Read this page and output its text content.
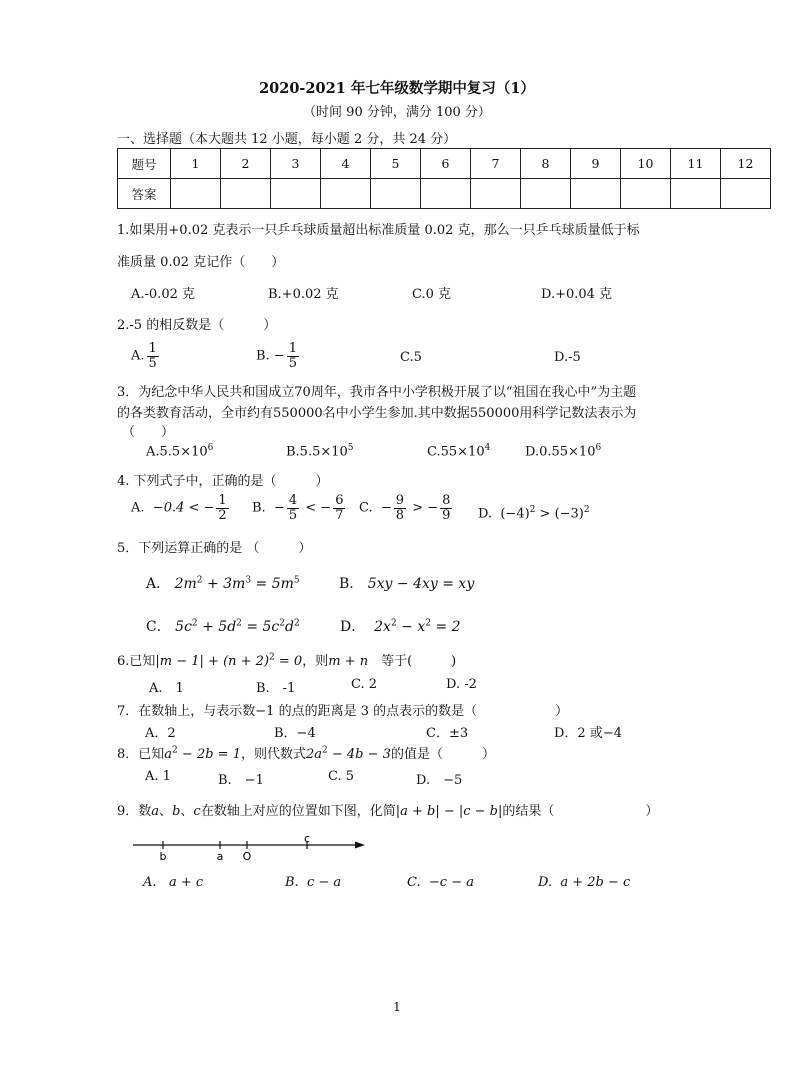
2020-2021 年七年级数学期中复习（1）
（时间 90 分钟，满分 100 分）
一、选择题（本大题共 12 小题，每小题 2 分，共 24 分）
题号	1	2	3	4	5	6	7	8	9	10	11	12
答案												
1.如果用+0.02 克表示一只乒乓球质量超出标准质量 0.02 克，那么一只乒乓球质量低于标
准质量 0.02 克记作（　　）
A.-0.02 克	B.+0.02 克	C.0 克	D.+0.04 克
2.-5 的相反数是（　　　）
A. $\frac{1}{5}$	B. − $\frac{1}{5}$	C.5	D.-5
3．为纪念中华人民共和国成立70周年，我市各中小学积极开展了以“祖国在我心中”为主题
的各类教育活动，全市约有550000名中小学生参加.其中数据550000用科学记数法表示为
（　　）
$A.5.5\times 10^6$	$B.5.5\times 10^5$	$C.55\times 10^4$	$D.0.55\times 10^6$
4. 下列式子中，正确的是（　　　）
A. −0.4 < − $\frac{1}{2} B$. − $\frac{4}{5}$ < − $\frac{6}{7} C$. − $\frac{9}{8}$ > − $\frac{8}{9} D$. $(-4)^2 > (-3)^2$
5．下列运算正确的是 （　　　）
A． $2m^2 + 3m^3 = 5m^5$	B． 5xy − 4xy = xy
C． $5c^2 + 5d^2 = 5c^2d^2$	D． $2x^2 - x^2 = 2$
6.已知$|m - 1| + (n + 2)^2 = 0$，则m + n　等于(　　　)
A.　1	B.　-1	C. 2	D. -2
7．在数轴上，与表示数−1 的点的距离是 3 的点表示的数是（　　　　　　）
A．2	B．−4	C．±3	D．2 或−4
8．已知$a^2 - 2b = 1$，则代数式$2a^2 - 4b - 3$的值是（　　　）
A. 1	B.　−1	C. 5	D.　−5
9．数a、b、c在数轴上对应的位置如下图，化简|a + b| − |c − b|的结果（　　　　　　　）
b	a O
c
A. a + c	B. c − a	C. −c − a	D. a + 2b − c
1
